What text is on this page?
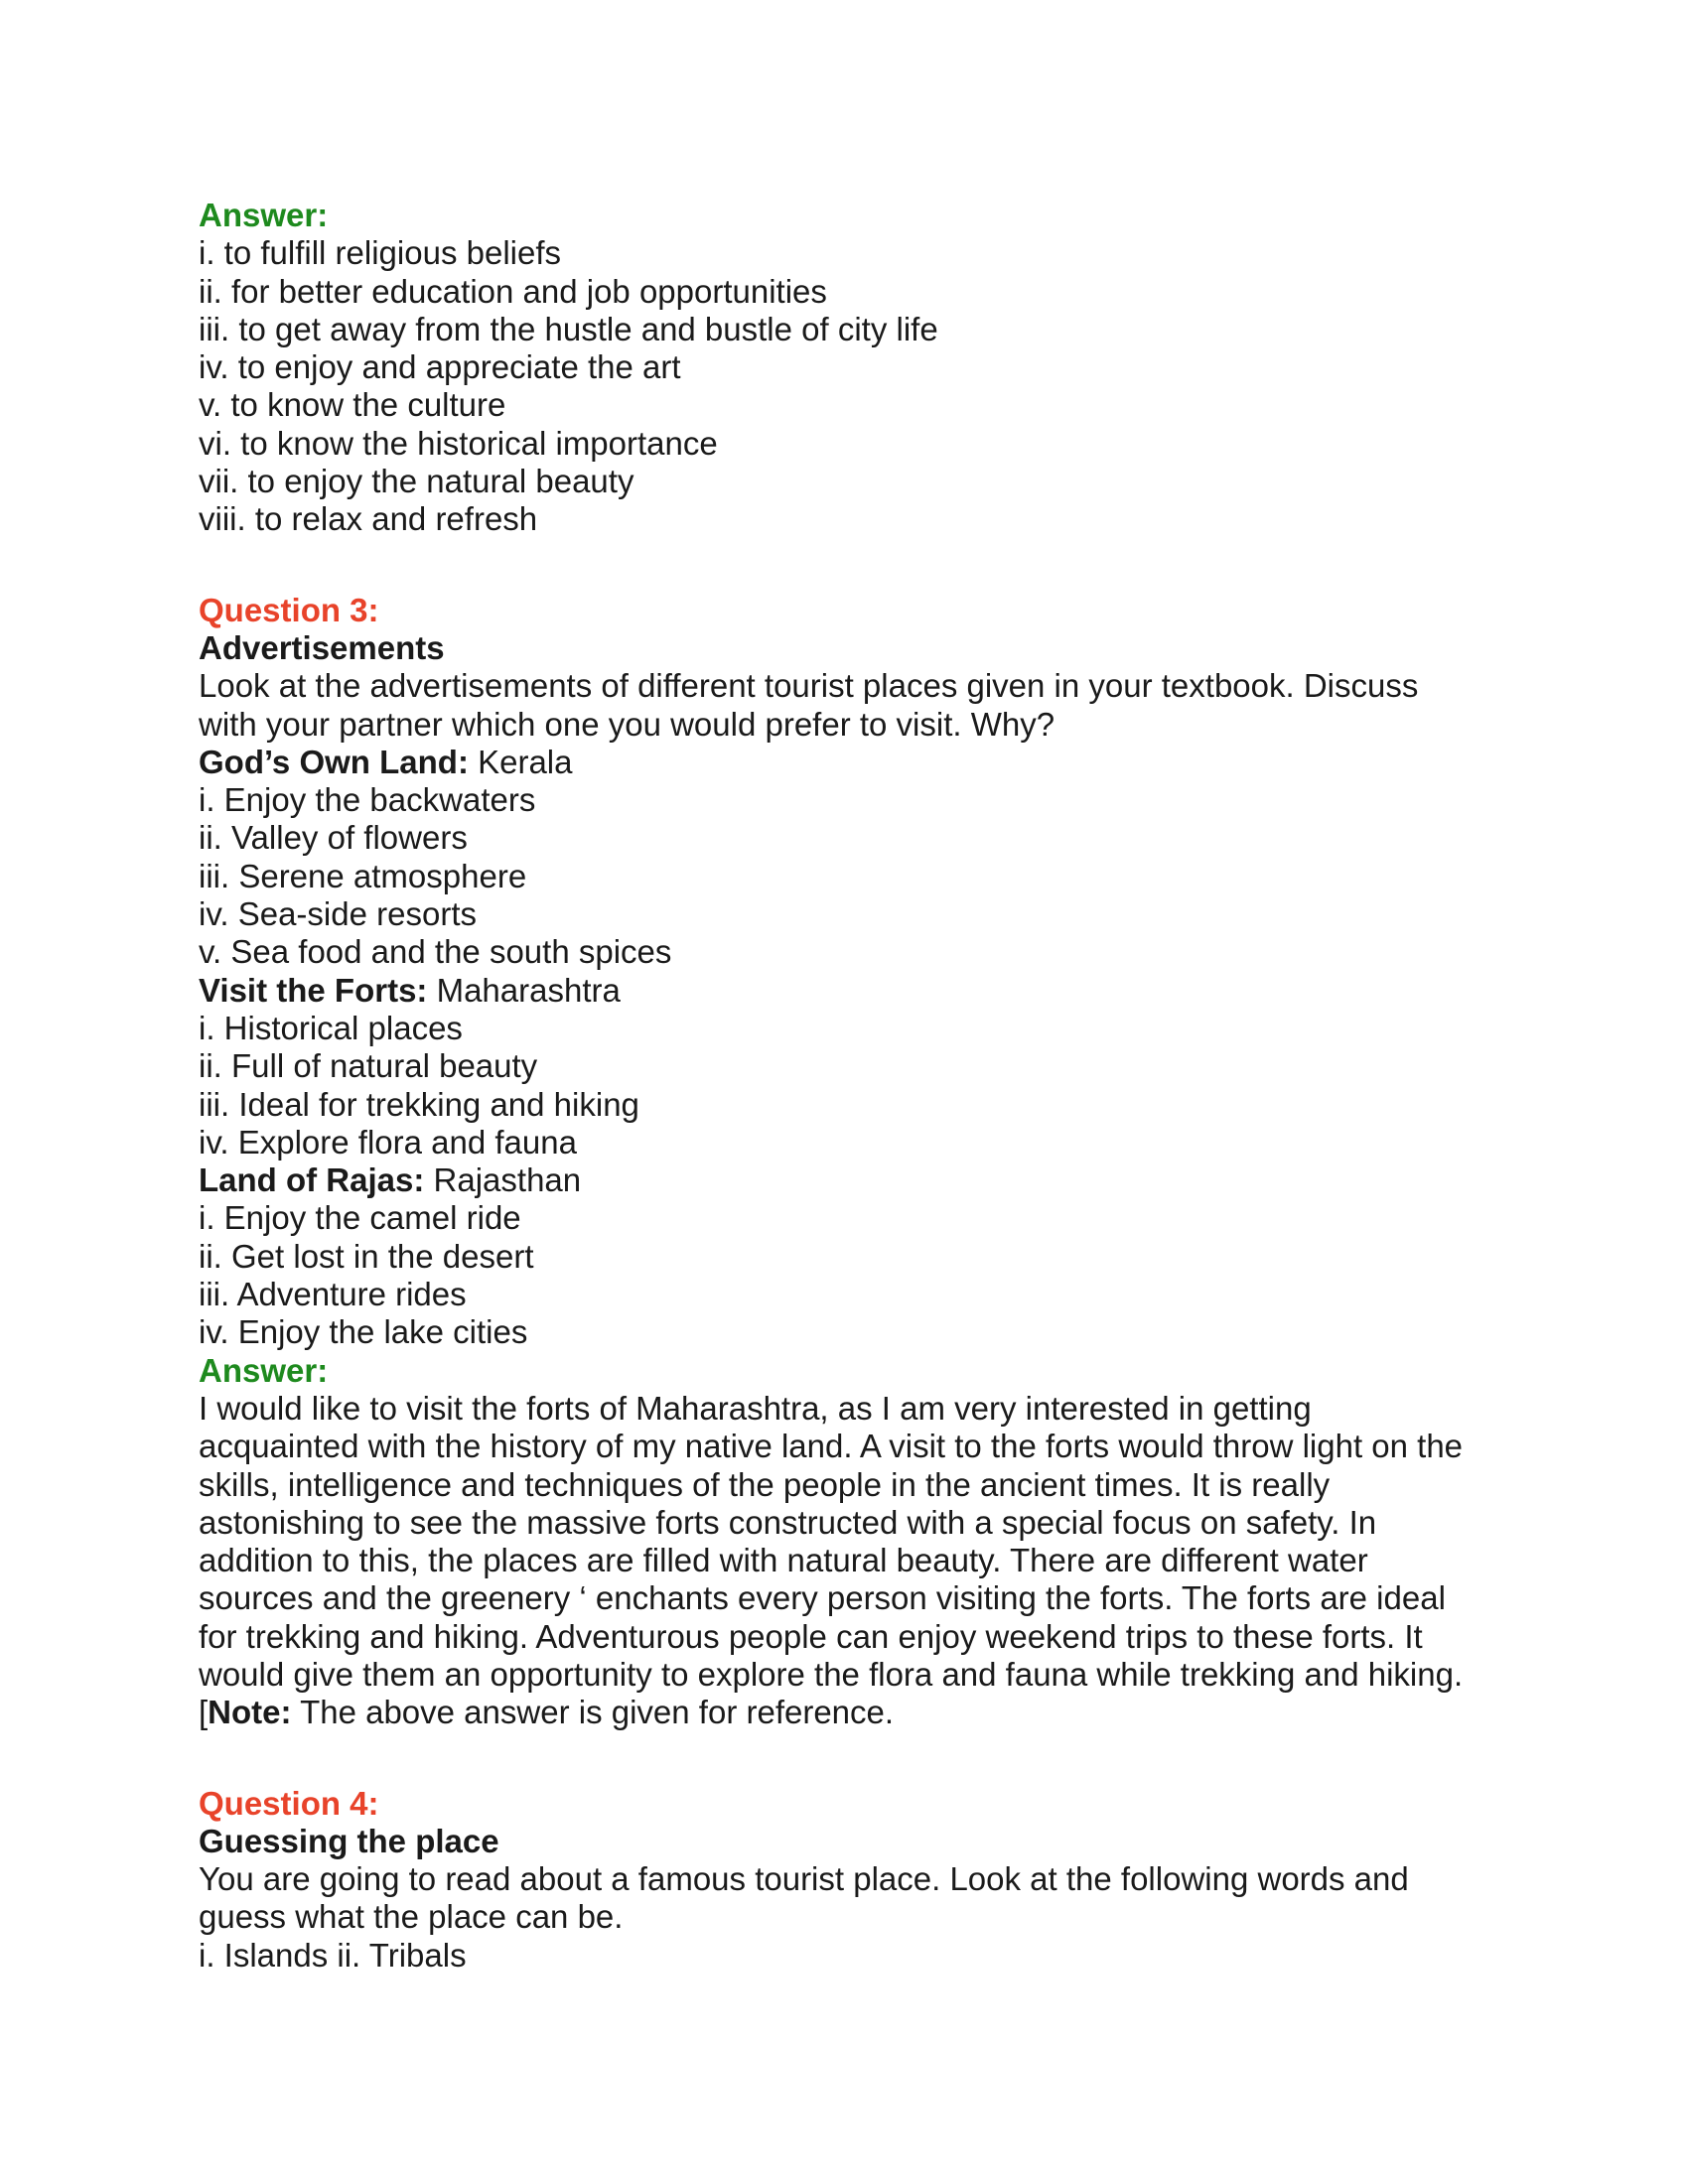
Answer:
i. to fulfill religious beliefs
ii. for better education and job opportunities
iii. to get away from the hustle and bustle of city life
iv. to enjoy and appreciate the art
v. to know the culture
vi. to know the historical importance
vii. to enjoy the natural beauty
viii. to relax and refresh
Question 3:
Advertisements
Look at the advertisements of different tourist places given in your textbook. Discuss
with your partner which one you would prefer to visit. Why?
God’s Own Land: Kerala
i. Enjoy the backwaters
ii. Valley of flowers
iii. Serene atmosphere
iv. Sea-side resorts
v. Sea food and the south spices
Visit the Forts: Maharashtra
i. Historical places
ii. Full of natural beauty
iii. Ideal for trekking and hiking
iv. Explore flora and fauna
Land of Rajas: Rajasthan
i. Enjoy the camel ride
ii. Get lost in the desert
iii. Adventure rides
iv. Enjoy the lake cities
Answer:
I would like to visit the forts of Maharashtra, as I am very interested in getting
acquainted with the history of my native land. A visit to the forts would throw light on the
skills, intelligence and techniques of the people in the ancient times. It is really
astonishing to see the massive forts constructed with a special focus on safety. In
addition to this, the places are filled with natural beauty. There are different water
sources and the greenery ‘ enchants every person visiting the forts. The forts are ideal
for trekking and hiking. Adventurous people can enjoy weekend trips to these forts. It
would give them an opportunity to explore the flora and fauna while trekking and hiking.
[Note: The above answer is given for reference.
Question 4:
Guessing the place
You are going to read about a famous tourist place. Look at the following words and
guess what the place can be.
i. Islands ii. Tribals
